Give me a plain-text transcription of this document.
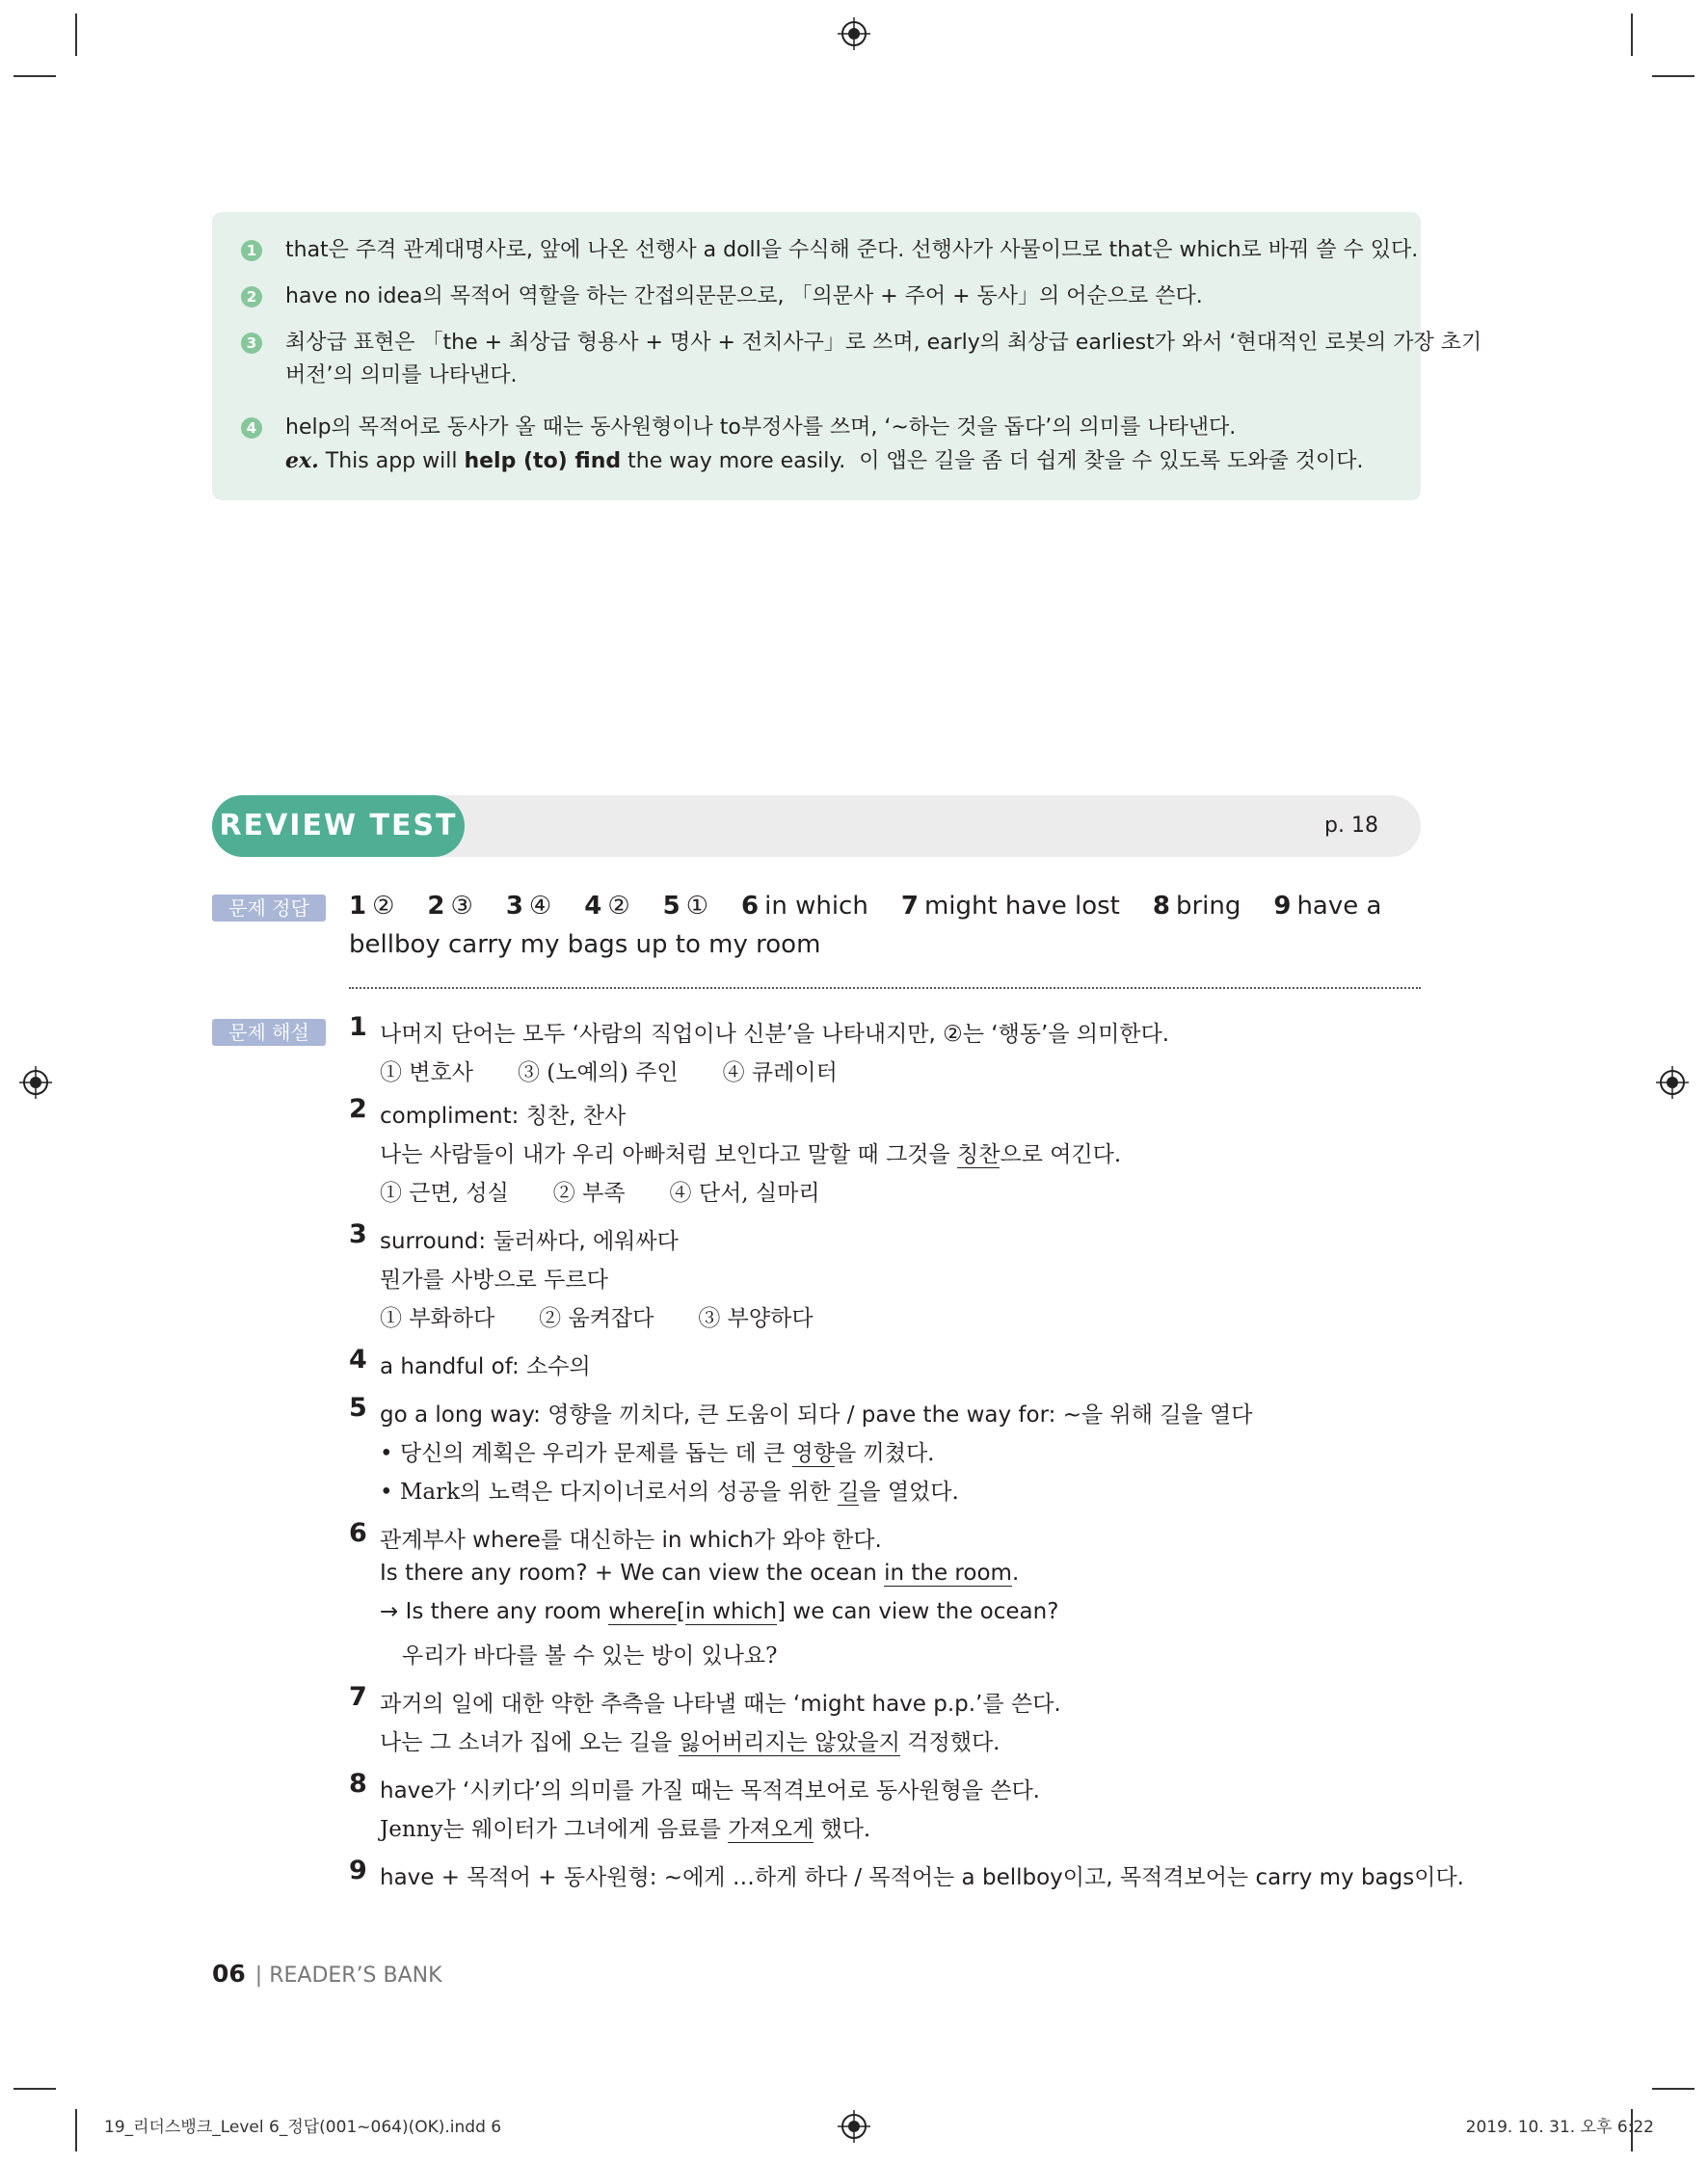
1 that은 주격 관계대명사로, 앞에 나온 선행사 a doll을 수식해 준다. 선행사가 사물이므로 that은 which로 바꿔 쓸 수 있다.
2 have no idea의 목적어 역할을 하는 간접의문문으로, 「의문사 + 주어 + 동사」의 어순으로 쓴다.
3 최상급 표현은 「the + 최상급 형용사 + 명사 + 전치사구」로 쓰며, early의 최상급 earliest가 와서 ‘현대적인 로봇의 가장 초기
버전’의 의미를 나타낸다.
4 help의 목적어로 동사가 올 때는 동사원형이나 to부정사를 쓰며, ‘~하는 것을 돕다’의 의미를 나타낸다.
ex. This app will help (to) find the way more easily. 이 앱은 길을 좀 더 쉽게 찾을 수 있도록 도와줄 것이다.
REVIEW TEST	p. 18
문제 정답	1 ② 2 ③ 3 ④ 4 ② 5 ① 6 in which 7 might have lost 8 bring 9 have a
bellboy carry my bags up to my room
문제 해설	1 나머지 단어는 모두 ‘사람의 직업이나 신분’을 나타내지만, ②는 ‘행동’을 의미한다.
① 변호사　　③ (노예의) 주인　　④ 큐레이터
2 compliment: 칭찬, 찬사
나는 사람들이 내가 우리 아빠처럼 보인다고 말할 때 그것을 칭찬으로 여긴다.
① 근면, 성실　　② 부족　　④ 단서, 실마리
3 surround: 둘러싸다, 에워싸다
뭔가를 사방으로 두르다
① 부화하다　　② 움켜잡다　　③ 부양하다
4 a handful of: 소수의
5 go a long way: 영향을 끼치다, 큰 도움이 되다 / pave the way for: ~을 위해 길을 열다
• 당신의 계획은 우리가 문제를 돕는 데 큰 영향을 끼쳤다.
• Mark의 노력은 다지이너로서의 성공을 위한 길을 열었다.
6 관계부사 where를 대신하는 in which가 와야 한다.
Is there any room? + We can view the ocean in the room.
→ Is there any room where[in which] we can view the ocean?
　우리가 바다를 볼 수 있는 방이 있나요?
7 과거의 일에 대한 약한 추측을 나타낼 때는 ‘might have p.p.’를 쓴다.
나는 그 소녀가 집에 오는 길을 잃어버리지는 않았을지 걱정했다.
8 have가 ‘시키다’의 의미를 가질 때는 목적격보어로 동사원형을 쓴다.
Jenny는 웨이터가 그녀에게 음료를 가져오게 했다.
9 have + 목적어 + 동사원형: ~에게 …하게 하다 / 목적어는 a bellboy이고, 목적격보어는 carry my bags이다.
06 | READER’S BANK
19_리더스뱅크_Level 6_정답(001~064)(OK).indd 6	2019. 10. 31. 오후 6:22
